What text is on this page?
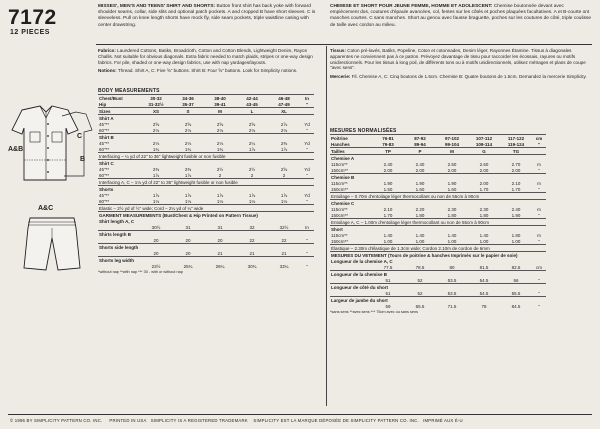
7172
12 PIECES
MISSES', MEN'S AND TEENS' SHIRT AND SHORTS: Button front shirt has back yoke with forward shoulder seams, collar, side slits and optional patch pockets. A and cropped B have short sleeves. C is sleeveless. Pull on knee length shorts have mock fly, side seam pockets, triple waistline casing with center drawstring.
CHEMISE ET SHORT POUR JEUNE FEMME, HOMME ET ADOLESCENT: Chemise boutonnée devant avec empiècement dos, coutures d'épaule avancées, col, fentes sur les côtés et poches plaquées facultatives. A et B-courte ont manches courtes. C sans manches. Short au genou avec fausse braguette, poches sur les coutures de côté, triple coulisse de taille avec cordon au milieu.
C
B
A&B
A&C

Fabrics: Laundered Cottons, Batiks, Broadcloth, Cotton and Cotton Blends, Lightweight Denim, Rayon Challis. Not suitable for obvious diagonals. Extra fabric needed to match plaids, stripes or one-way design fabrics. For pile, shaded or one-way design fabrics, use with nap yardages/layouts.

Notions: Thread. Shirt A, C: Five ⅝" buttons. Shirt B: Four ⅝" buttons. Look for Simplicity notions.

BODY MEASUREMENTS
Chest/Bust	30-32	34-36	38-40	42-44	46-48	In
Hip	31-32½	35-37	39-41	43-45	47-49	"
Sizes	XS	S	M	L	XL	
Shirt A						
45"**	2⅝	2⅝	2⅝	2⅝	2⅞	Yd
60"**	2⅛	2⅛	2⅛	2⅛	2⅛	"
Shirt B						
45"**	2⅛	2⅛	2⅛	2¼	2⅜	Yd
60"**	1¾	1¾	1¾	1⅞	1⅞	"
Interfacing – ¼ yd of 22" to 36" lightweight fusible or non fusible						
Shirt C						
45"**	2⅜	2⅜	2½	2½	2⅝	Yd
60"**	1⅞	1⅞	2	2	2	"
Interfacing A, C – 1⅛ yd of 22" to 36" lightweight fusible or non fusible						
Shorts						
45"**	1⅞	1⅞	1⅞	1⅞	1⅞	Yd
60"**	1⅛	1⅛	1⅛	1⅛	1⅛	"
Elastic – 2½ yd of ½" wide; Cord – 2¼ yd of ¼" wide						
GARMENT MEASUREMENTS (Bust/Chest & Hip Printed on Pattern Tissue)						
Shirt length A, C						
	30½	31	31	32	32½	In
Shirts length B						
	20	20	20	22	22	"
Shorts side length						
	20	20	21	21	21	"
Shorts leg width						
	23½	25¾	28¼	30¾	33¼	"
*without nap **with nap *** 30 - with or without nap

Tissus: Coton pré-lavés, Batiks, Popeline, Coton et cotonnades, Denim léger, Rayonnes Étamine. Tissus à diagonales apparentes ne conviennent pas à ce patron. Prévoyez davantage de tissu pour raccorder les écossais, rayures ou motifs unidirectionnels. Pour les tissus à long poil, de différents tons ou à motifs unidirectionnels, utilisez métrages et plans de coupe "avec sens".

Mercerie: Fil. Chemise A, C: Cinq boutons de 1.5cm. Chemise B: Quatre boutons de 1.5cm. Demandez la mercerie Simplicity.

MESURES NORMALISÉES
Poitrine	76-81	87-92	97-102	107-112	117-122	cm
Hanches	79-83	89-94	99-104	109-114	119-124	"
Tailles	TP	P	M	G	TG	
Chemise A						
115cm**	2.40	2.40	2.50	2.60	2.70	m
150cm**	2.00	2.00	2.00	2.00	2.00	"
Chemise B						
115cm**	1.90	1.90	1.90	2.00	2.10	m
150cm**	1.50	1.60	1.60	1.70	1.70	"
Entoilage – 0.70m d'entoilage léger thermocollant ou non de 55cm à 90cm						
Chemise C						
115cm**	2.10	2.20	2.30	2.30	2.40	m
150cm**	1.70	1.80	1.80	1.80	1.90	"
Entoilage A, C – 1.00m d'entoilage léger thermocollant ou non de 55cm à 90cm						
Short						
115cm**	1.40	1.40	1.40	1.40	1.80	m
150cm**	1.00	1.00	1.00	1.00	1.00	"
Élastique – 2.30m d'élastique de 1.3cm wide; Cordon 2.10m de cordon de 6mm						
MESURES DU VETEMENT (Tours de poitrine & hanches Imprimés sur le papier de soie)						
Longueur de la chemise A, C						
	77.5	78.5	80	81.5	82.5	cm
Longueur de la chemise B						
	51	52	53.5	54.5	56	"
Longueur de côté du short						
	51	52	53.5	54.5	55.5	"
Largeur de jambe du short						
	59	65.5	71.5	78	84.5	"
*sans sens **avec sens *** 75cm avec ou sans sens
© 1996 BY SIMPLICITY PATTERN CO. INC. PRINTED IN USA SIMPLICITY IS A REGISTERED TRADEMARK SIMPLICITY EST LA MARQUE DÉPOSÉE DE SIMPLICITY PATTERN CO. INC. IMPRIMÉ AUX É-U
